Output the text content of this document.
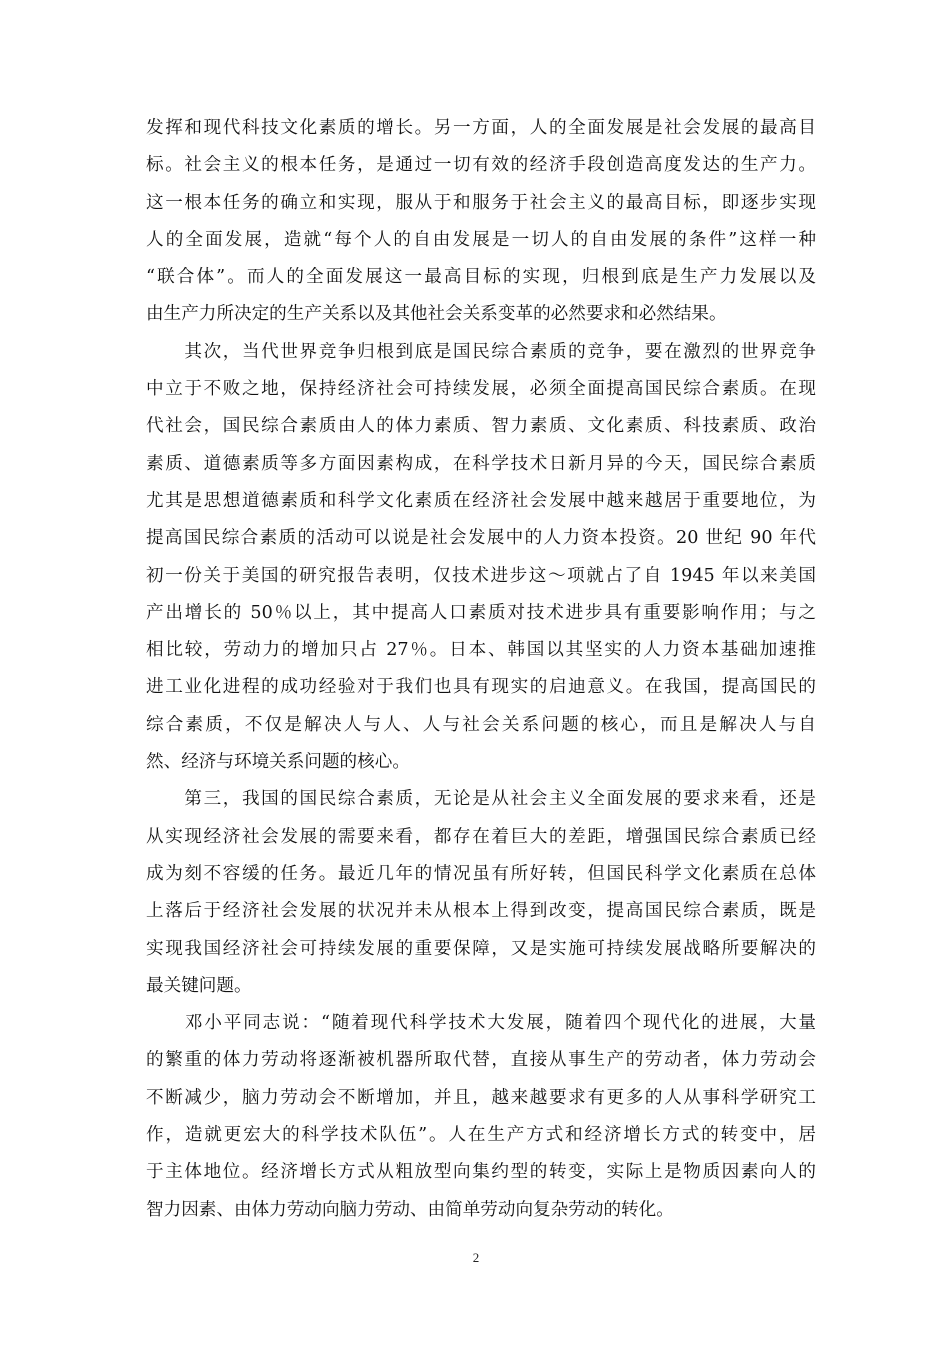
发挥和现代科技文化素质的增长。另一方面，人的全面发展是社会发展的最高目
标。社会主义的根本任务，是通过一切有效的经济手段创造高度发达的生产力。
这一根本任务的确立和实现，服从于和服务于社会主义的最高目标，即逐步实现
人的全面发展，造就“每个人的自由发展是一切人的自由发展的条件”这样一种
“联合体”。而人的全面发展这一最高目标的实现，归根到底是生产力发展以及
由生产力所决定的生产关系以及其他社会关系变革的必然要求和必然结果。
　　其次，当代世界竞争归根到底是国民综合素质的竞争，要在激烈的世界竞争
中立于不败之地，保持经济社会可持续发展，必须全面提高国民综合素质。在现
代社会，国民综合素质由人的体力素质、智力素质、文化素质、科技素质、政治
素质、道德素质等多方面因素构成，在科学技术日新月异的今天，国民综合素质
尤其是思想道德素质和科学文化素质在经济社会发展中越来越居于重要地位，为
提高国民综合素质的活动可以说是社会发展中的人力资本投资。20 世纪 90 年代
初一份关于美国的研究报告表明，仅技术进步这～项就占了自 1945 年以来美国
产出增长的 50％以上，其中提高人口素质对技术进步具有重要影响作用；与之
相比较，劳动力的增加只占 27％。日本、韩国以其坚实的人力资本基础加速推
进工业化进程的成功经验对于我们也具有现实的启迪意义。在我国，提高国民的
综合素质，不仅是解决人与人、人与社会关系问题的核心，而且是解决人与自
然、经济与环境关系问题的核心。
　　第三，我国的国民综合素质，无论是从社会主义全面发展的要求来看，还是
从实现经济社会发展的需要来看，都存在着巨大的差距，增强国民综合素质已经
成为刻不容缓的任务。最近几年的情况虽有所好转，但国民科学文化素质在总体
上落后于经济社会发展的状况并未从根本上得到改变，提高国民综合素质，既是
实现我国经济社会可持续发展的重要保障，又是实施可持续发展战略所要解决的
最关键问题。
　　邓小平同志说：“随着现代科学技术大发展，随着四个现代化的进展，大量
的繁重的体力劳动将逐渐被机器所取代替，直接从事生产的劳动者，体力劳动会
不断减少，脑力劳动会不断增加，并且，越来越要求有更多的人从事科学研究工
作，造就更宏大的科学技术队伍”。人在生产方式和经济增长方式的转变中，居
于主体地位。经济增长方式从粗放型向集约型的转变，实际上是物质因素向人的
智力因素、由体力劳动向脑力劳动、由简单劳动向复杂劳动的转化。
2
